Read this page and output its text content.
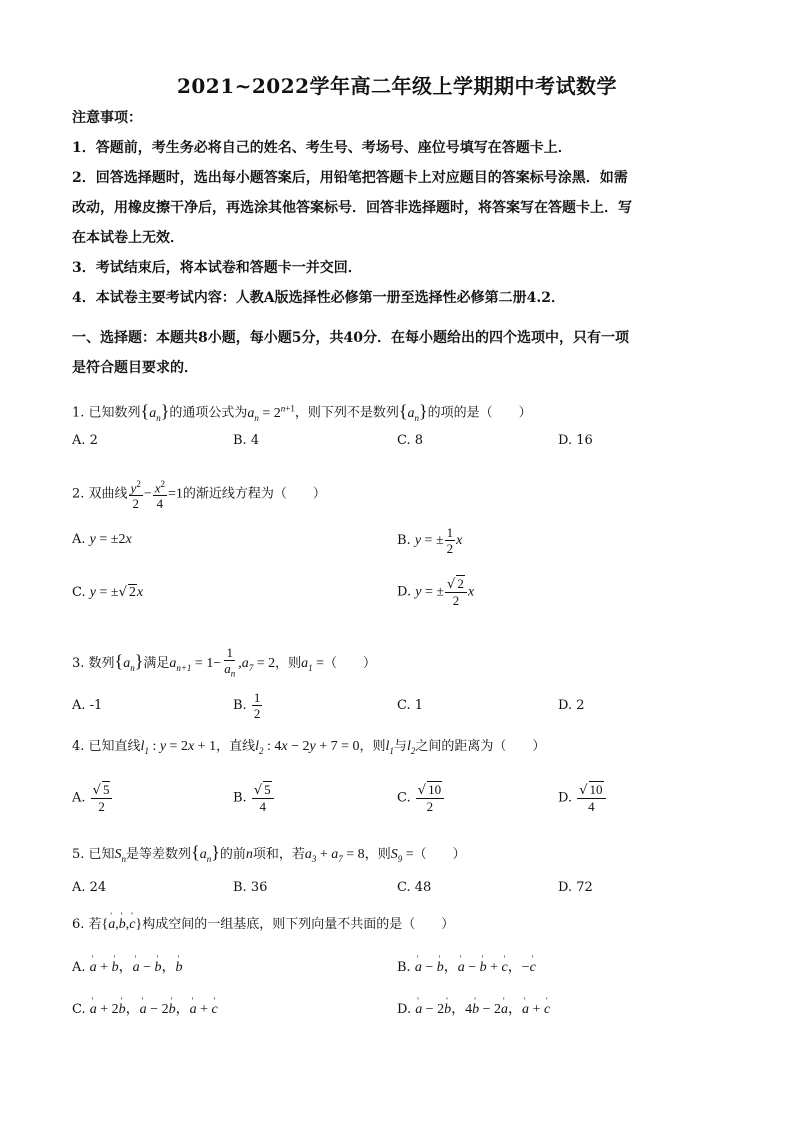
2021~2022学年高二年级上学期期中考试数学
注意事项：
1．答题前，考生务必将自己的姓名、考生号、考场号、座位号填写在答题卡上．
2．回答选择题时，选出每小题答案后，用铅笔把答题卡上对应题目的答案标号涂黑．如需
改动，用橡皮擦干净后，再选涂其他答案标号．回答非选择题时，将答案写在答题卡上．写
在本试卷上无效．
3．考试结束后，将本试卷和答题卡一并交回．
4．本试卷主要考试内容：人教A版选择性必修第一册至选择性必修第二册4.2．
一、选择题：本题共8小题，每小题5分，共40分．在每小题给出的四个选项中，只有一项
是符合题目要求的．
1. 已知数列$\{a_n\}$的通项公式为$a_n = 2^{n+1}$，则下列不是数列$\{a_n\}$的项的是（　　）
A. 2	B. 4	C. 8	D. 16
2. 双曲线 $\frac{y^2}{2} - \frac{x^2}{4} =1$的渐近线方程为（　　）
A. y = ±2x	B. y = ± $\frac{1}{2}$ x
C. y = ±√ 2x	D. y = ± $\frac{√ 2}{2}$ x
3. 数列$\{a_n\}$满足$a_{n+1} = 1- \frac{1}{a_n} ,a_7 = 2$，则$a_1$ =（　　）
A. -1	B. $\frac{1}{2}$	C. 1	D. 2
4. 已知直线$l_1$ : y = 2x + 1，直线$l_2$ : 4x − 2y + 7 = 0，则$l_1$与$l_2$之间的距离为（　　）
A. $\frac{√ 5}{2}$	B. $\frac{√ 5}{4}$	C. $\frac{√ 10}{2}$	D. $\frac{√ 10}{4}$
5. 已知$S_n$是等差数列$\{a_n\}$的前n项和，若$a_3 + a_7 = 8$，则$S_9$ =（　　）
A. 24	B. 36	C. 48	D. 72
6. 若{' a,' b,' c}构成空间的一组基底，则下列向量不共面的是（　　）
A. ' a + ' b，' a − ' b，' b	B. ' a − ' b，' a − ' b + ' c，−' c
C. ' a + 2' b，' a − 2' b，' a + ' c	D. ' a − 2' b，4' b − 2' a，' a + ' c
